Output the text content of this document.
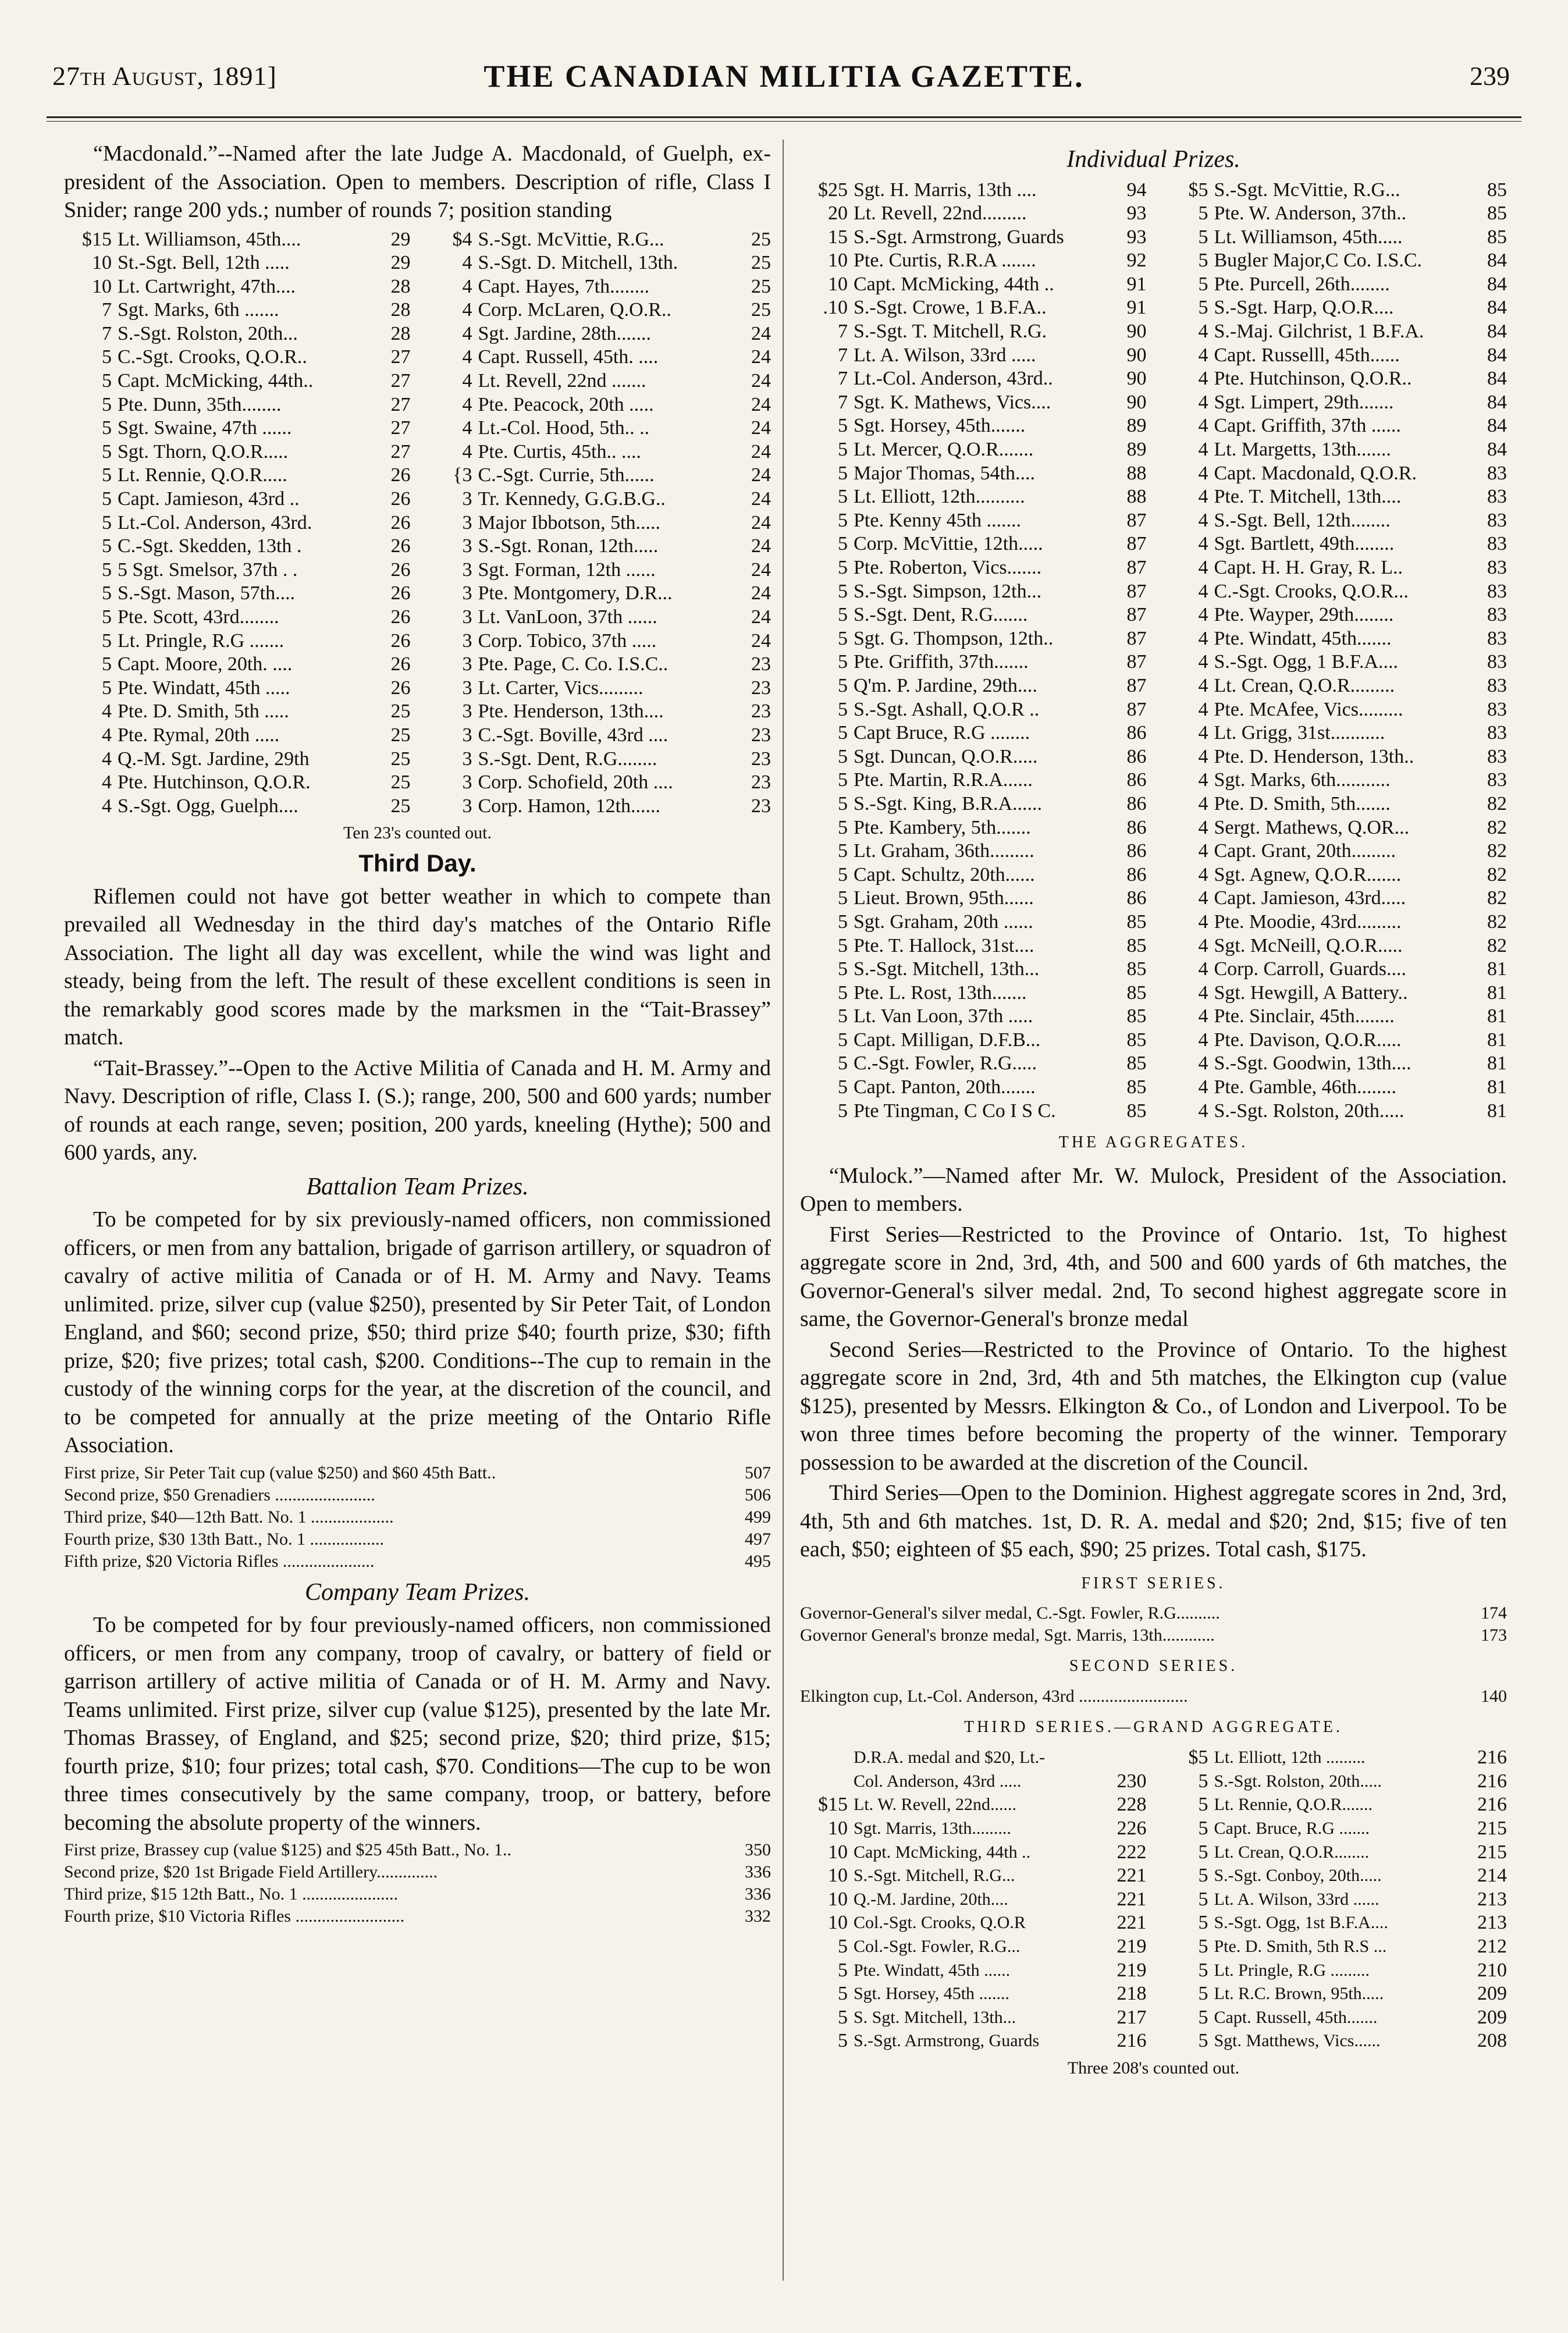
27th August, 1891]	THE CANADIAN MILITIA GAZETTE.	239

“Macdonald.”--Named after the late Judge A. Macdonald, of Guelph, ex-president of the Association. Open to members. Description of rifle, Class I Snider; range 200 yds.; number of rounds 7; position standing

$15 Lt. Williamson, 45th....	29
10 St.-Sgt. Bell, 12th .....	29
10 Lt. Cartwright, 47th....	28
7 Sgt. Marks, 6th .......	28
7 S.-Sgt. Rolston, 20th...	28
5 C.-Sgt. Crooks, Q.O.R..	27
5 Capt. McMicking, 44th..	27
5 Pte. Dunn, 35th........	27
5 Sgt. Swaine, 47th ......	27
5 Sgt. Thorn, Q.O.R.....	27
5 Lt. Rennie, Q.O.R.....	26
5 Capt. Jamieson, 43rd ..	26
5 Lt.-Col. Anderson, 43rd.	26
5 C.-Sgt. Skedden, 13th .	26
5 5 Sgt. Smelsor, 37th . .	26
5 S.-Sgt. Mason, 57th....	26
5 Pte. Scott, 43rd........	26
5 Lt. Pringle, R.G .......	26
5 Capt. Moore, 20th. ....	26
5 Pte. Windatt, 45th .....	26
4 Pte. D. Smith, 5th .....	25
4 Pte. Rymal, 20th .....	25
4 Q.-M. Sgt. Jardine, 29th	25
4 Pte. Hutchinson, Q.O.R.	25
4 S.-Sgt. Ogg, Guelph....	25
$4 S.-Sgt. McVittie, R.G...	25
4 S.-Sgt. D. Mitchell, 13th.	25
4 Capt. Hayes, 7th........	25
4 Corp. McLaren, Q.O.R..	25
4 Sgt. Jardine, 28th.......	24
4 Capt. Russell, 45th. ....	24
4 Lt. Revell, 22nd .......	24
4 Pte. Peacock, 20th .....	24
4 Lt.-Col. Hood, 5th.. ..	24
4 Pte. Curtis, 45th.. ....	24
{3 C.-Sgt. Currie, 5th......	24
3 Tr. Kennedy, G.G.B.G..	24
3 Major Ibbotson, 5th.....	24
3 S.-Sgt. Ronan, 12th.....	24
3 Sgt. Forman, 12th ......	24
3 Pte. Montgomery, D.R...	24
3 Lt. VanLoon, 37th ......	24
3 Corp. Tobico, 37th .....	24
3 Pte. Page, C. Co. I.S.C..	23
3 Lt. Carter, Vics.........	23
3 Pte. Henderson, 13th....	23
3 C.-Sgt. Boville, 43rd ....	23
3 S.-Sgt. Dent, R.G........	23
3 Corp. Schofield, 20th ....	23
3 Corp. Hamon, 12th......	23
Ten 23's counted out.
Third Day.

Riflemen could not have got better weather in which to compete than prevailed all Wednesday in the third day's matches of the Ontario Rifle Association. The light all day was excellent, while the wind was light and steady, being from the left. The result of these excellent conditions is seen in the remarkably good scores made by the marksmen in the “Tait-Brassey” match.

“Tait-Brassey.”--Open to the Active Militia of Canada and H. M. Army and Navy. Description of rifle, Class I. (S.); range, 200, 500 and 600 yards; number of rounds at each range, seven; position, 200 yards, kneeling (Hythe); 500 and 600 yards, any.

Battalion Team Prizes.

To be competed for by six previously-named officers, non commissioned officers, or men from any battalion, brigade of garrison artillery, or squadron of cavalry of active militia of Canada or of H. M. Army and Navy. Teams unlimited. prize, silver cup (value $250), presented by Sir Peter Tait, of London England, and $60; second prize, $50; third prize $40; fourth prize, $30; fifth prize, $20; five prizes; total cash, $200. Conditions--The cup to remain in the custody of the winning corps for the year, at the discretion of the council, and to be competed for annually at the prize meeting of the Ontario Rifle Association.

First prize, Sir Peter Tait cup (value $250) and $60 45th Batt..	507
Second prize, $50 Grenadiers .......................	506
Third prize, $40—12th Batt. No. 1 ...................	499
Fourth prize, $30 13th Batt., No. 1 .................	497
Fifth prize, $20 Victoria Rifles .....................	495
Company Team Prizes.

To be competed for by four previously-named officers, non commissioned officers, or men from any company, troop of cavalry, or battery of field or garrison artillery of active militia of Canada or of H. M. Army and Navy. Teams unlimited. First prize, silver cup (value $125), presented by the late Mr. Thomas Brassey, of England, and $25; second prize, $20; third prize, $15; fourth prize, $10; four prizes; total cash, $70. Conditions—The cup to be won three times consecutively by the same company, troop, or battery, before becoming the absolute property of the winners.

First prize, Brassey cup (value $125) and $25 45th Batt., No. 1..	350
Second prize, $20 1st Brigade Field Artillery..............	336
Third prize, $15 12th Batt., No. 1 ......................	336
Fourth prize, $10 Victoria Rifles .........................	332
Individual Prizes.
$25 Sgt. H. Marris, 13th ....	94
20 Lt. Revell, 22nd.........	93
15 S.-Sgt. Armstrong, Guards	93
10 Pte. Curtis, R.R.A .......	92
10 Capt. McMicking, 44th ..	91
.10 S.-Sgt. Crowe, 1 B.F.A..	91
7 S.-Sgt. T. Mitchell, R.G.	90
7 Lt. A. Wilson, 33rd .....	90
7 Lt.-Col. Anderson, 43rd..	90
7 Sgt. K. Mathews, Vics....	90
5 Sgt. Horsey, 45th.......	89
5 Lt. Mercer, Q.O.R.......	89
5 Major Thomas, 54th....	88
5 Lt. Elliott, 12th..........	88
5 Pte. Kenny 45th .......	87
5 Corp. McVittie, 12th.....	87
5 Pte. Roberton, Vics.......	87
5 S.-Sgt. Simpson, 12th...	87
5 S.-Sgt. Dent, R.G.......	87
5 Sgt. G. Thompson, 12th..	87
5 Pte. Griffith, 37th.......	87
5 Q'm. P. Jardine, 29th....	87
5 S.-Sgt. Ashall, Q.O.R ..	87
5 Capt Bruce, R.G ........	86
5 Sgt. Duncan, Q.O.R.....	86
5 Pte. Martin, R.R.A......	86
5 S.-Sgt. King, B.R.A......	86
5 Pte. Kambery, 5th.......	86
5 Lt. Graham, 36th.........	86
5 Capt. Schultz, 20th......	86
5 Lieut. Brown, 95th......	86
5 Sgt. Graham, 20th ......	85
5 Pte. T. Hallock, 31st....	85
5 S.-Sgt. Mitchell, 13th...	85
5 Pte. L. Rost, 13th.......	85
5 Lt. Van Loon, 37th .....	85
5 Capt. Milligan, D.F.B...	85
5 C.-Sgt. Fowler, R.G.....	85
5 Capt. Panton, 20th.......	85
5 Pte Tingman, C Co I S C.	85
$5 S.-Sgt. McVittie, R.G...	85
5 Pte. W. Anderson, 37th..	85
5 Lt. Williamson, 45th.....	85
5 Bugler Major,C Co. I.S.C.	84
5 Pte. Purcell, 26th........	84
5 S.-Sgt. Harp, Q.O.R....	84
4 S.-Maj. Gilchrist, 1 B.F.A.	84
4 Capt. Russelll, 45th......	84
4 Pte. Hutchinson, Q.O.R..	84
4 Sgt. Limpert, 29th.......	84
4 Capt. Griffith, 37th ......	84
4 Lt. Margetts, 13th.......	84
4 Capt. Macdonald, Q.O.R.	83
4 Pte. T. Mitchell, 13th....	83
4 S.-Sgt. Bell, 12th........	83
4 Sgt. Bartlett, 49th........	83
4 Capt. H. H. Gray, R. L..	83
4 C.-Sgt. Crooks, Q.O.R...	83
4 Pte. Wayper, 29th........	83
4 Pte. Windatt, 45th.......	83
4 S.-Sgt. Ogg, 1 B.F.A....	83
4 Lt. Crean, Q.O.R.........	83
4 Pte. McAfee, Vics.........	83
4 Lt. Grigg, 31st...........	83
4 Pte. D. Henderson, 13th..	83
4 Sgt. Marks, 6th...........	83
4 Pte. D. Smith, 5th.......	82
4 Sergt. Mathews, Q.OR...	82
4 Capt. Grant, 20th.........	82
4 Sgt. Agnew, Q.O.R.......	82
4 Capt. Jamieson, 43rd.....	82
4 Pte. Moodie, 43rd.........	82
4 Sgt. McNeill, Q.O.R.....	82
4 Corp. Carroll, Guards....	81
4 Sgt. Hewgill, A Battery..	81
4 Pte. Sinclair, 45th........	81
4 Pte. Davison, Q.O.R.....	81
4 S.-Sgt. Goodwin, 13th....	81
4 Pte. Gamble, 46th........	81
4 S.-Sgt. Rolston, 20th.....	81
THE AGGREGATES.

“Mulock.”—Named after Mr. W. Mulock, President of the Association. Open to members.

First Series—Restricted to the Province of Ontario. 1st, To highest aggregate score in 2nd, 3rd, 4th, and 500 and 600 yards of 6th matches, the Governor-General's silver medal. 2nd, To second highest aggregate score in same, the Governor-General's bronze medal

Second Series—Restricted to the Province of Ontario. To the highest aggregate score in 2nd, 3rd, 4th and 5th matches, the Elkington cup (value $125), presented by Messrs. Elkington & Co., of London and Liverpool. To be won three times before becoming the property of the winner. Temporary possession to be awarded at the discretion of the Council.

Third Series—Open to the Dominion. Highest aggregate scores in 2nd, 3rd, 4th, 5th and 6th matches. 1st, D. R. A. medal and $20; 2nd, $15; five of ten each, $50; eighteen of $5 each, $90; 25 prizes. Total cash, $175.

FIRST SERIES.
Governor-General's silver medal, C.-Sgt. Fowler, R.G..........	174
Governor General's bronze medal, Sgt. Marris, 13th............	173
SECOND SERIES.
Elkington cup, Lt.-Col. Anderson, 43rd .........................	140
THIRD SERIES.—GRAND AGGREGATE.
D.R.A. medal and $20, Lt.-
Col. Anderson, 43rd .....	230
$15 Lt. W. Revell, 22nd......	228
10 Sgt. Marris, 13th.........	226
10 Capt. McMicking, 44th ..	222
10 S.-Sgt. Mitchell, R.G...	221
10 Q.-M. Jardine, 20th....	221
10 Col.-Sgt. Crooks, Q.O.R	221
5 Col.-Sgt. Fowler, R.G...	219
5 Pte. Windatt, 45th ......	219
5 Sgt. Horsey, 45th .......	218
5 S. Sgt. Mitchell, 13th...	217
5 S.-Sgt. Armstrong, Guards	216
$5 Lt. Elliott, 12th .........	216
5 S.-Sgt. Rolston, 20th.....	216
5 Lt. Rennie, Q.O.R.......	216
5 Capt. Bruce, R.G .......	215
5 Lt. Crean, Q.O.R........	215
5 S.-Sgt. Conboy, 20th.....	214
5 Lt. A. Wilson, 33rd ......	213
5 S.-Sgt. Ogg, 1st B.F.A....	213
5 Pte. D. Smith, 5th R.S ...	212
5 Lt. Pringle, R.G .........	210
5 Lt. R.C. Brown, 95th.....	209
5 Capt. Russell, 45th.......	209
5 Sgt. Matthews, Vics......	208
Three 208's counted out.
